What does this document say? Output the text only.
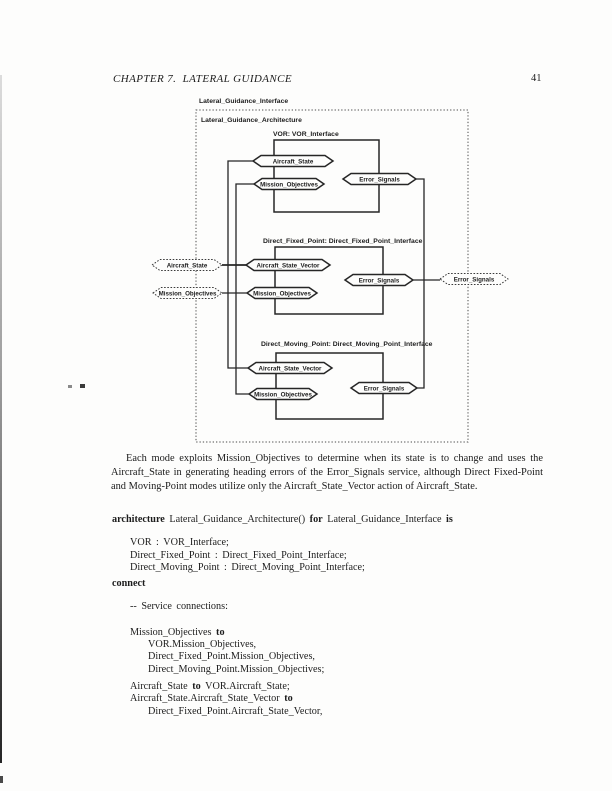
CHAPTER 7.  LATERAL GUIDANCE	41
Lateral_Guidance_Interface
Lateral_Guidance_Architecture
VOR: VOR_Interface
Direct_Fixed_Point: Direct_Fixed_Point_Interface
Direct_Moving_Point: Direct_Moving_Point_Interface
Aircraft_State
Mission_Objectives
Error_Signals
Aircraft_State_Vector
Mission_Objectives
Error_Signals
Aircraft_State_Vector
Mission_Objectives
Error_Signals
Aircraft_State
Mission_Objectives
Error_Signals

Each mode exploits Mission_Objectives to determine when its state is to change and uses the Aircraft_State in generating heading errors of the Error_Signals service, although Direct Fixed-Point and Moving-Point modes utilize only the Aircraft_State_Vector action of Aircraft_State.

architecture Lateral_Guidance_Architecture() for Lateral_Guidance_Interface is
VOR : VOR_Interface;
Direct_Fixed_Point : Direct_Fixed_Point_Interface;
Direct_Moving_Point : Direct_Moving_Point_Interface;
connect
-- Service connections:
Mission_Objectives to
VOR.Mission_Objectives,
Direct_Fixed_Point.Mission_Objectives,
Direct_Moving_Point.Mission_Objectives;
Aircraft_State to VOR.Aircraft_State;
Aircraft_State.Aircraft_State_Vector to
Direct_Fixed_Point.Aircraft_State_Vector,
